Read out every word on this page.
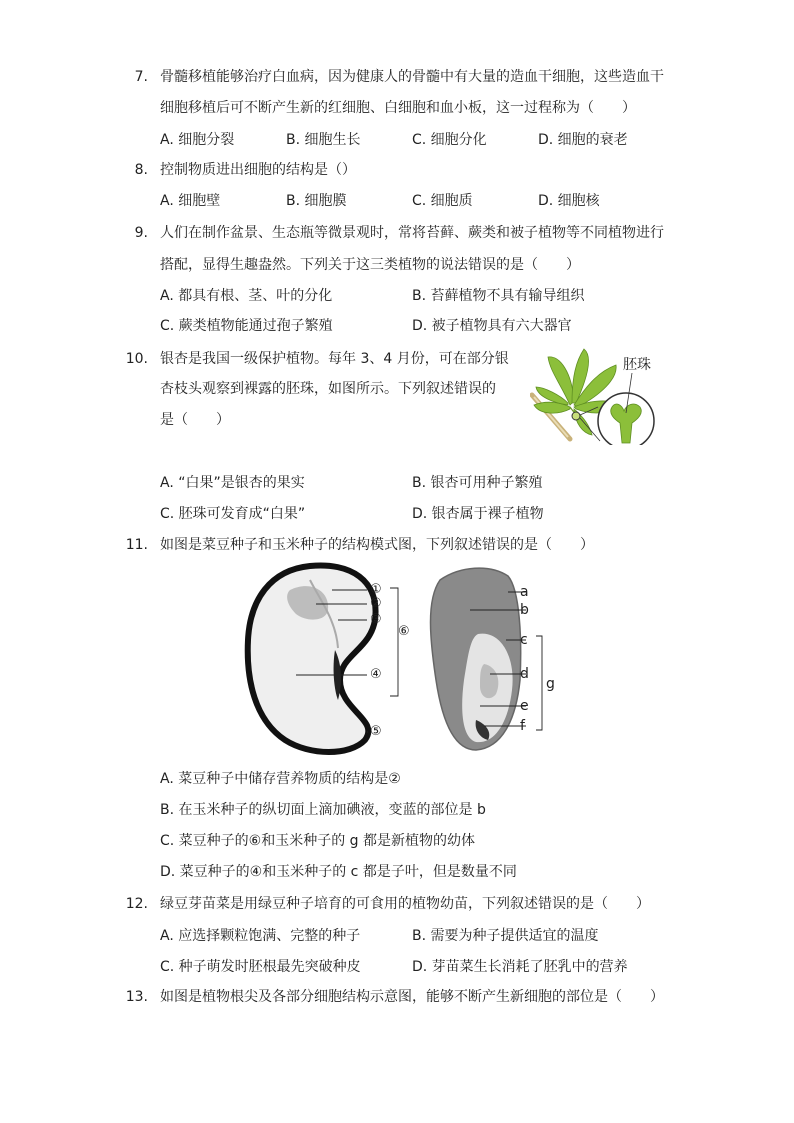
7. 骨髓移植能够治疗白血病，因为健康人的骨髓中有大量的造血干细胞，这些造血干
细胞移植后可不断产生新的红细胞、白细胞和血小板，这一过程称为（　　）
A. 细胞分裂	B. 细胞生长	C. 细胞分化	D. 细胞的衰老
8. 控制物质进出细胞的结构是（）
A. 细胞壁	B. 细胞膜	C. 细胞质	D. 细胞核
9. 人们在制作盆景、生态瓶等微景观时，常将苔藓、蕨类和被子植物等不同植物进行
搭配，显得生趣盎然。下列关于这三类植物的说法错误的是（　　）
A. 都具有根、茎、叶的分化	B. 苔藓植物不具有输导组织
C. 蕨类植物能通过孢子繁殖	D. 被子植物具有六大器官
10. 银杏是我国一级保护植物。每年 3、4 月份，可在部分银
杏枝头观察到裸露的胚珠，如图所示。下列叙述错误的
是（　　）
胚珠
A. “白果”是银杏的果实	B. 银杏可用种子繁殖
C. 胚珠可发育成“白果”	D. 银杏属于裸子植物
11. 如图是菜豆种子和玉米种子的结构模式图，下列叙述错误的是（　　）
①
②
③
④
⑤
⑥
a
b
c
d
e
f
g
A. 菜豆种子中储存营养物质的结构是②
B. 在玉米种子的纵切面上滴加碘液，变蓝的部位是 b
C. 菜豆种子的⑥和玉米种子的 g 都是新植物的幼体
D. 菜豆种子的④和玉米种子的 c 都是子叶，但是数量不同
12. 绿豆芽苗菜是用绿豆种子培育的可食用的植物幼苗，下列叙述错误的是（　　）
A. 应选择颗粒饱满、完整的种子	B. 需要为种子提供适宜的温度
C. 种子萌发时胚根最先突破种皮	D. 芽苗菜生长消耗了胚乳中的营养
13. 如图是植物根尖及各部分细胞结构示意图，能够不断产生新细胞的部位是（　　）
